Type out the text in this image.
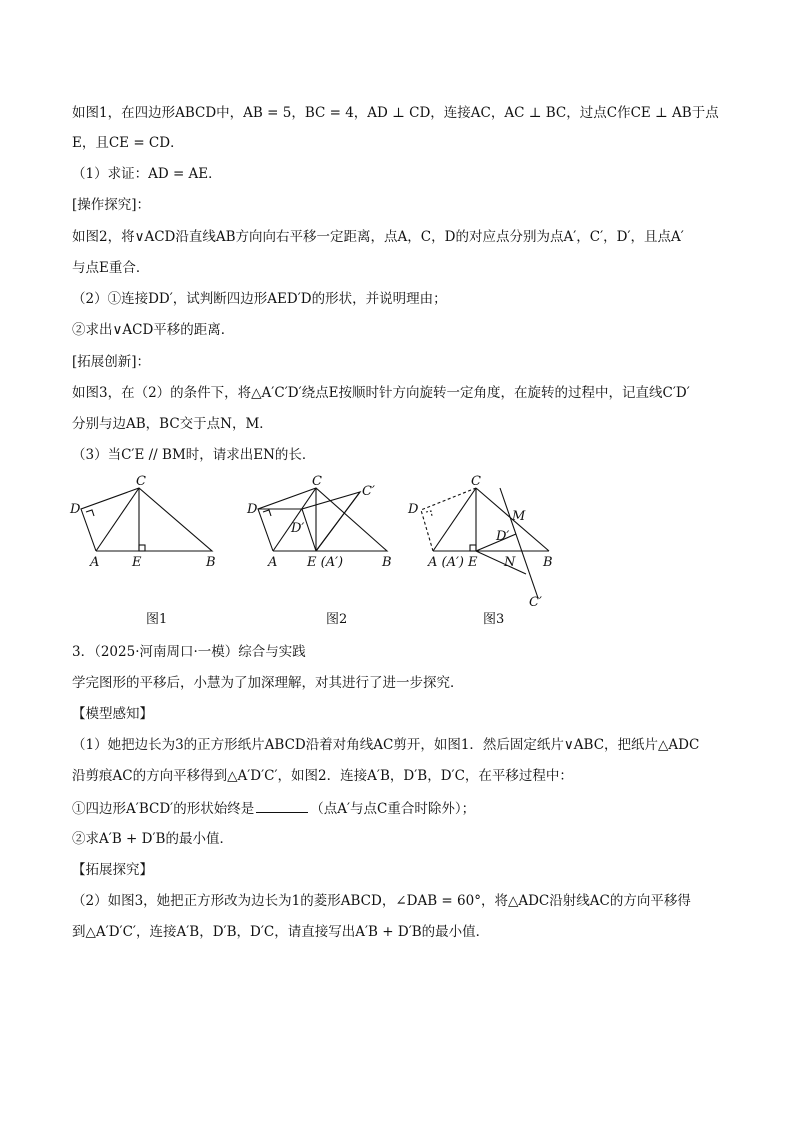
如图1，在四边形ABCD中，AB = 5，BC = 4，AD ⊥ CD，连接AC，AC ⊥ BC，过点C作CE ⊥ AB于点
E，且CE = CD．
（1）求证：AD = AE．
[操作探究]：
如图2，将∨ACD沿直线AB方向向右平移一定距离，点A，C，D的对应点分别为点A′，C′，D′，且点A′
与点E重合．
（2）①连接DD′，试判断四边形AED′D的形状，并说明理由；
②求出∨ACD平移的距离．
[拓展创新]：
如图3，在（2）的条件下，将△A′C′D′绕点E按顺时针方向旋转一定角度，在旋转的过程中，记直线C′D′
分别与边AB，BC交于点N，M．
（3）当C′E // BM时，请求出EN的长．
C
D
A	E	B
C
D
C′
D′
A E (A′)	B
C
D	M
D′
A (A′) E N B
C′
图1	图2	图3
3．（2025·河南周口·一模）综合与实践
学完图形的平移后，小慧为了加深理解，对其进行了进一步探究．
【模型感知】
（1）她把边长为3的正方形纸片ABCD沿着对角线AC剪开，如图1．然后固定纸片∨ABC，把纸片△ADC
沿剪痕AC的方向平移得到△A′D′C′，如图2．连接A′B，D′B，D′C，在平移过程中：
①四边形A′BCD′的形状始终是	（点A′与点C重合时除外）；
②求A′B + D′B的最小值．
【拓展探究】
（2）如图3，她把正方形改为边长为1的菱形ABCD，∠DAB = 60°，将△ADC沿射线AC的方向平移得
到△A′D′C′，连接A′B，D′B，D′C，请直接写出A′B + D′B的最小值．
